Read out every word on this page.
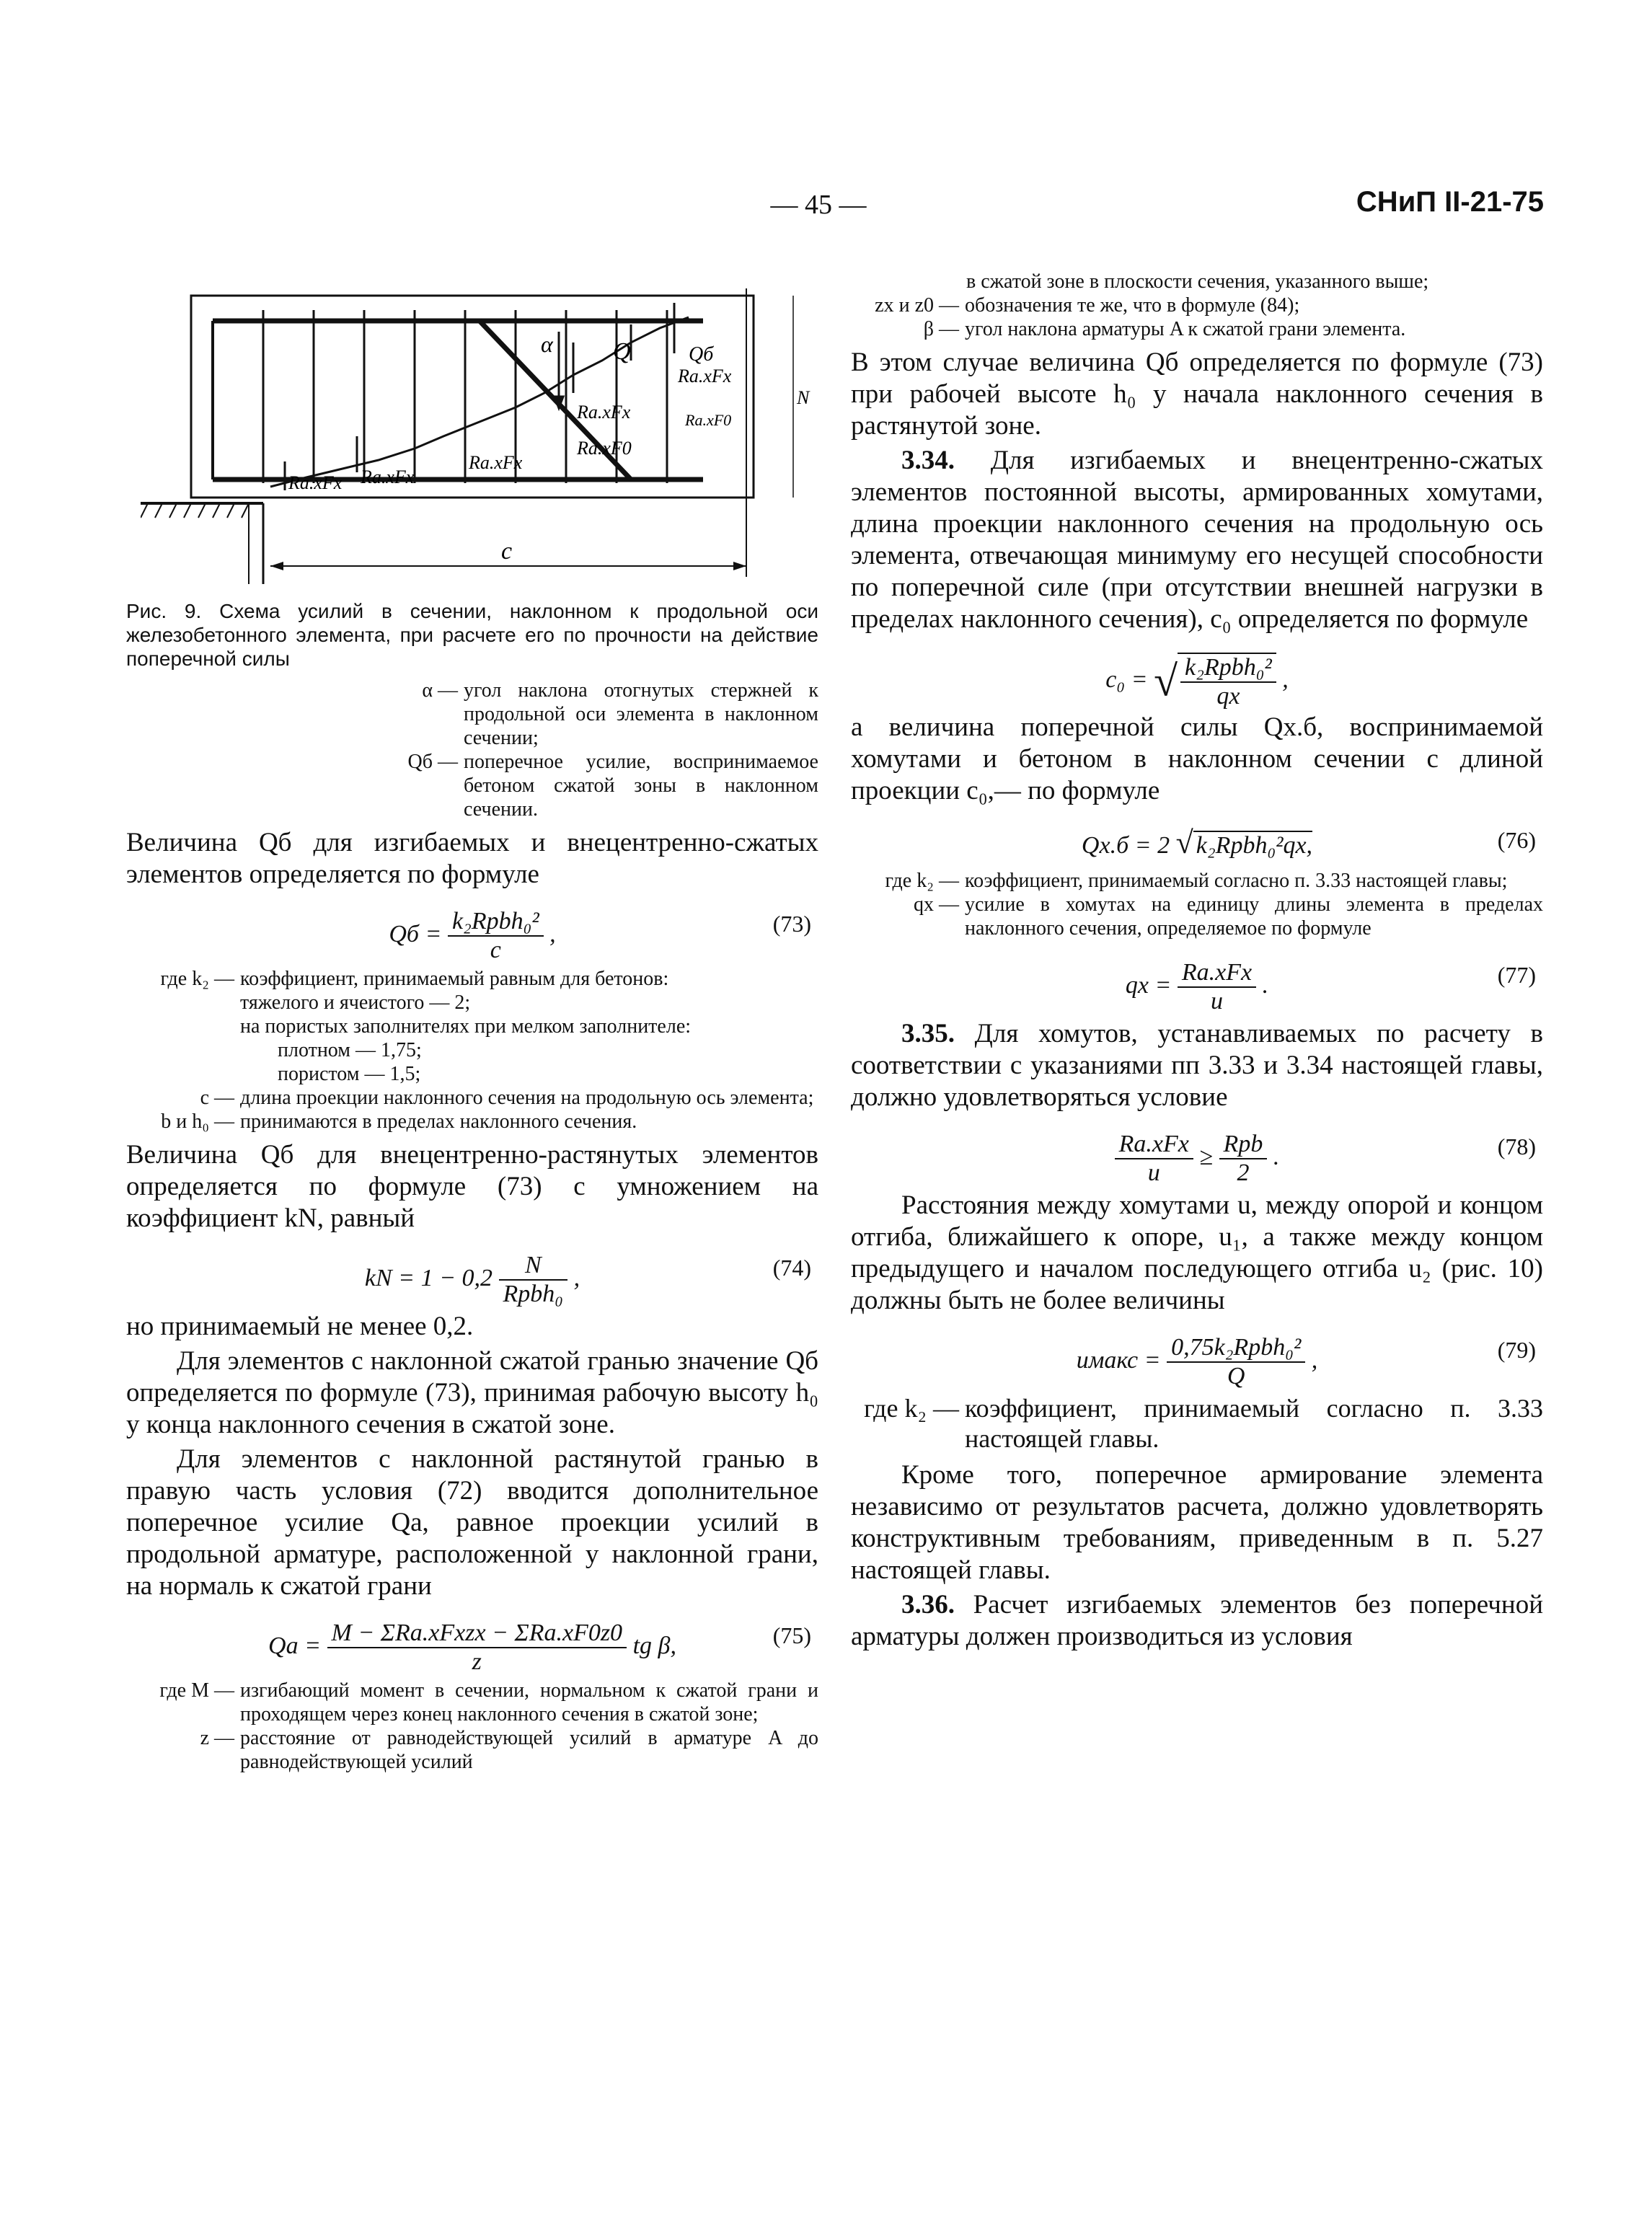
— 45 —	СНиП II-21-75
α Q	Qб
c
N
Ra.xFx Ra.xFx
Ra.xFx
Ra.xFx
Ra.xF0
Ra.xFx
Ra.xF0

Рис. 9. Схема усилий в сечении, наклонном к продольной оси железобетонного элемента, при расчете его по прочности на действие поперечной силы

α — угол наклона отогнутых стержней к продольной оси элемента в наклонном сечении;
Qб — поперечное усилие, воспринимаемое бетоном сжатой зоны в наклонном сечении.

Величина Qб для изгибаемых и внецентренно-сжатых элементов определяется по формуле

Qб = $\frac{\text{k₂Rрbh₀²}}{c}$ ,	(73)
где k₂ — коэффициент, принимаемый равным для бетонов:
тяжелого и ячеистого — 2;
на пористых заполнителях при мелком заполнителе:
плотном — 1,75;
пористом — 1,5;
c — длина проекции наклонного сечения на продольную ось элемента;
b и h₀ — принимаются в пределах наклонного сечения.

Величина Qб для внецентренно-растянутых элементов определяется по формуле (73) с умножением на коэффициент kN, равный

kN = $1 - 0,2 \frac{N}{\text{Rрbh₀}}$ ,	(74)

но принимаемый не менее 0,2.

Для элементов с наклонной сжатой гранью значение Qб определяется по формуле (73), принимая рабочую высоту h₀ у конца наклонного сечения в сжатой зоне.

Для элементов с наклонной растянутой гранью в правую часть условия (72) вводится дополнительное поперечное усилие Qa, равное проекции усилий в продольной арматуре, расположенной у наклонной грани, на нормаль к сжатой грани

$Qa = \frac{\text{M − ΣRa.xFxzx − ΣRa.xF0z0}}{z}$ tg β,	(75)
где M — изгибающий момент в сечении, нормальном к сжатой грани и проходящем через конец наклонного сечения в сжатой зоне;
z — расстояние от равнодействующей усилий в арматуре A до равнодействующей усилий
в сжатой зоне в плоскости сечения, указанного выше;
zx и z0 — обозначения те же, что в формуле (84);
β — угол наклона арматуры A к сжатой грани элемента.

В этом случае величина Qб определяется по формуле (73) при рабочей высоте h₀ у начала наклонного сечения в растянутой зоне.

3.34. Для изгибаемых и внецентренно-сжатых элементов постоянной высоты, армированных хомутами, длина проекции наклонного сечения на продольную ось элемента, отвечающая минимуму его несущей способности по поперечной силе (при отсутствии внешней нагрузки в пределах наклонного сечения), c₀ определяется по формуле

c₀ = √ $\frac{\text{k₂Rрbh₀²}}{qx}$ ,

а величина поперечной силы Qx.б, воспринимаемой хомутами и бетоном в наклонном сечении с длиной проекции c₀,— по формуле

Qx.б = 2 √ k₂Rрbh₀²qx,	(76)
где k₂ — коэффициент, принимаемый согласно п. 3.33 настоящей главы;
qx — усилие в хомутах на единицу длины элемента в пределах наклонного сечения, определяемое по формуле
qx = $\frac{\text{Ra.xFx}}{u}$ .	(77)

3.35. Для хомутов, устанавливаемых по расчету в соответствии с указаниями пп 3.33 и 3.34 настоящей главы, должно удовлетворяться условие

$\frac{\text{Ra.xFx}}{u} \ge \frac{\text{Rрb}}{2}$ .	(78)

Расстояния между хомутами u, между опорой и концом отгиба, ближайшего к опоре, u₁, а также между концом предыдущего и началом последующего отгиба u₂ (рис. 10) должны быть не более величины

uмакс = $\frac{\text{0,75k₂Rрbh₀²}}{Q}$ ,	(79)
где k₂ — коэффициент, принимаемый согласно п. 3.33 настоящей главы.

Кроме того, поперечное армирование элемента независимо от результатов расчета, должно удовлетворять конструктивным требованиям, приведенным в п. 5.27 настоящей главы.

3.36. Расчет изгибаемых элементов без поперечной арматуры должен производиться из условия
